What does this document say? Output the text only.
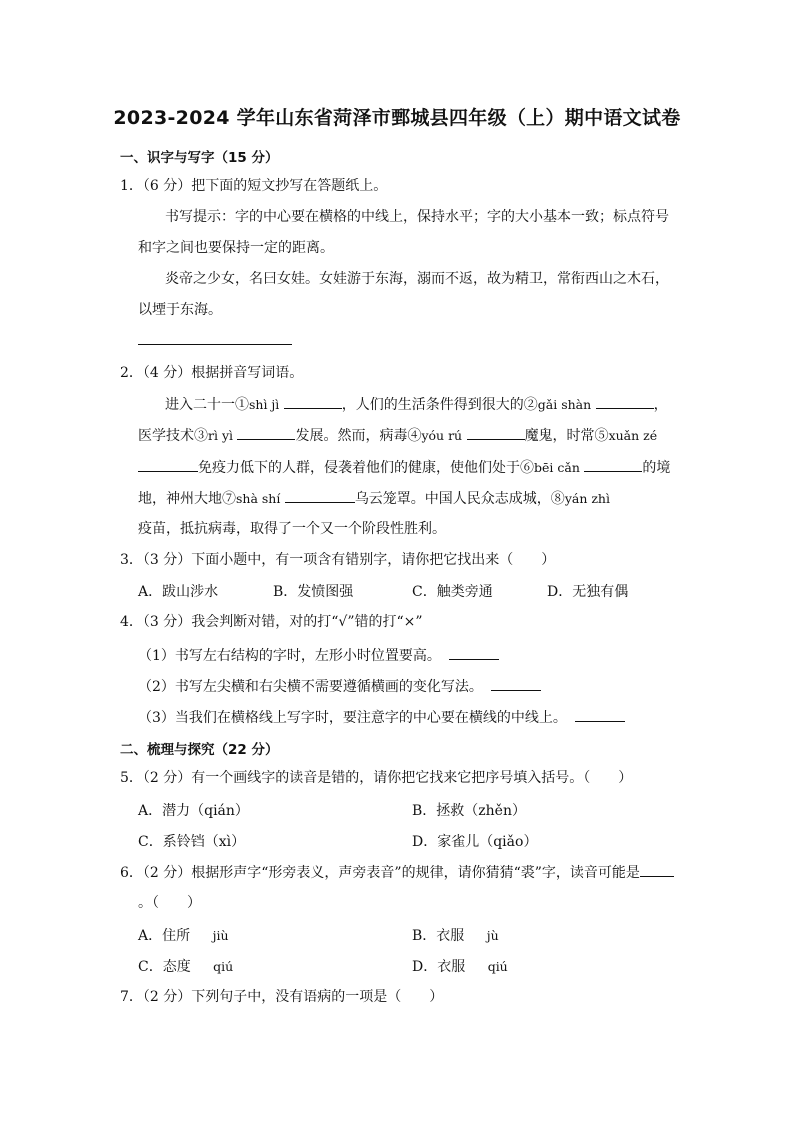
2023-2024 学年山东省菏泽市鄄城县四年级（上）期中语文试卷
一、识字与写字（15 分）
1．（6 分）把下面的短文抄写在答题纸上。
书写提示：字的中心要在横格的中线上，保持水平；字的大小基本一致；标点符号
和字之间也要保持一定的距离。
炎帝之少女，名曰女娃。女娃游于东海，溺而不返，故为精卫，常衔西山之木石，
以堙于东海。
2．（4 分）根据拼音写词语。
进入二十一①shì jì	，人们的生活条件得到很大的②gǎi shàn	，
医学技术③rì yì	发展。然而，病毒④yóu rú	魔鬼，时常⑤xuǎn zé
免疫力低下的人群，侵袭着他们的健康，使他们处于⑥bēi cǎn	的境
地，神州大地⑦shà shí	乌云笼罩。中国人民众志成城，⑧yán zhì
疫苗，抵抗病毒，取得了一个又一个阶段性胜利。
3．（3 分）下面小题中，有一项含有错别字，请你把它找出来（　　）
A．跋山涉水	B．发愤图强	C．触类旁通	D．无独有偶
4．（3 分）我会判断对错，对的打“√”错的打“×”
（1）书写左右结构的字时，左形小时位置要高。
（2）书写左尖横和右尖横不需要遵循横画的变化写法。
（3）当我们在横格线上写字时，要注意字的中心要在横线的中线上。
二、梳理与探究（22 分）
5．（2 分）有一个画线字的读音是错的，请你把它找来它把序号填入括号。（　　）
A．潜力（qián）	B．拯救（zhěn）
C．系铃铛（xì）	D．家雀儿（qiǎo）
6．（2 分）根据形声字“形旁表义，声旁表音”的规律，请你猜猜“裘”字，读音可能是
。（　　）
A．住所 jiù	B．衣服 jù
C．态度 qiú	D．衣服 qiú
7．（2 分）下列句子中，没有语病的一项是（　　）
